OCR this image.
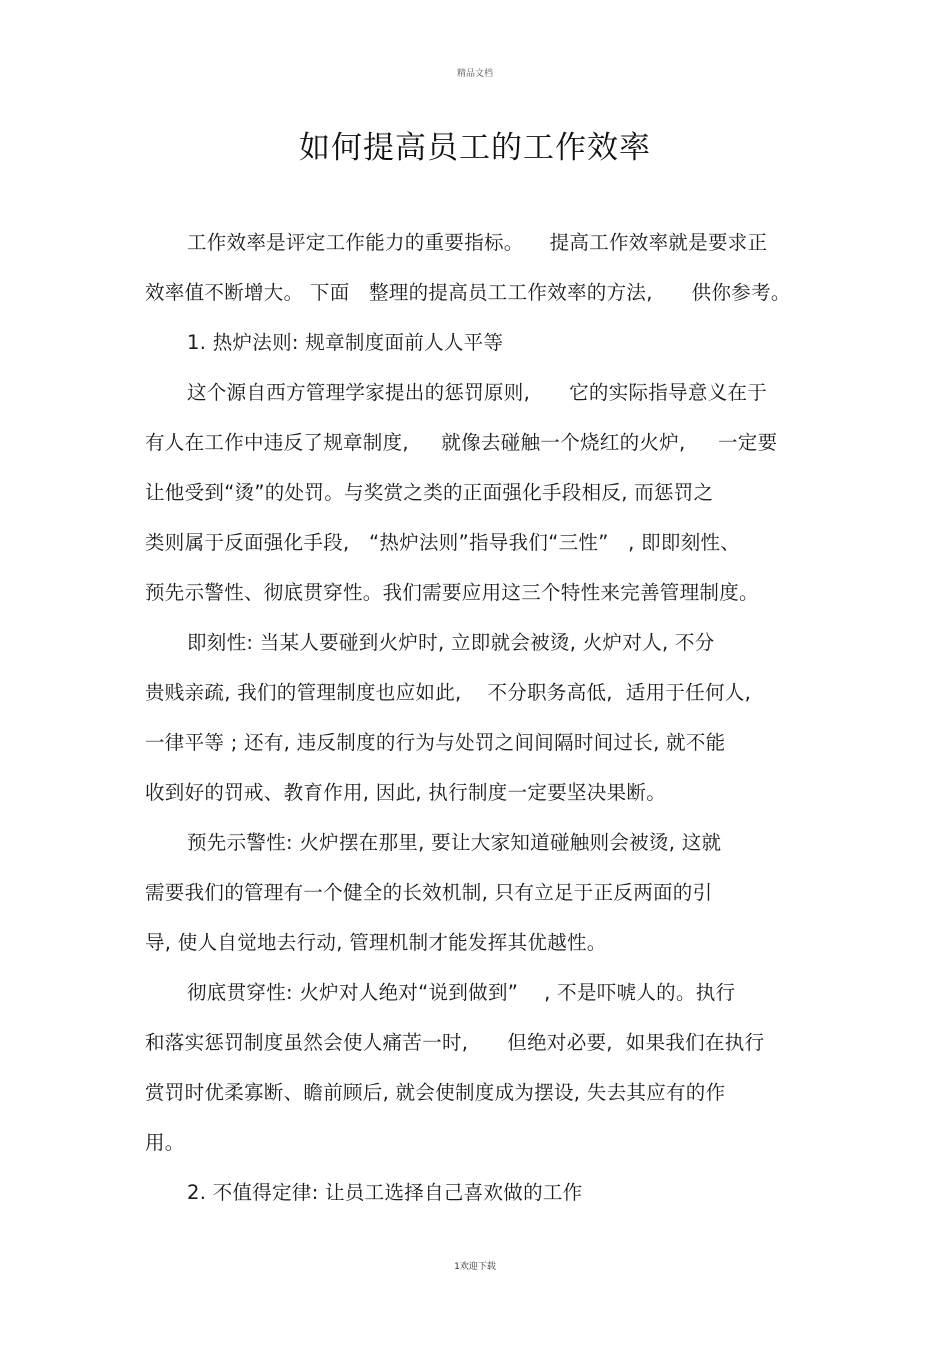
精品文档
如何提高员工的工作效率
工作效率是评定工作能力的重要指标。    提高工作效率就是要求正
效率值不断增大。 下面   整理的提高员工工作效率的方法,      供你参考。
1. 热炉法则: 规章制度面前人人平等
这个源自西方管理学家提出的惩罚原则,      它的实际指导意义在于
有人在工作中违反了规章制度,     就像去碰触一个烧红的火炉,     一定要
让他受到“烫”的处罚。与奖赏之类的正面强化手段相反, 而惩罚之
类则属于反面强化手段,   “热炉法则”指导我们“三性”   , 即即刻性、
预先示警性、彻底贯穿性。我们需要应用这三个特性来完善管理制度。
即刻性: 当某人要碰到火炉时, 立即就会被烫, 火炉对人, 不分
贵贱亲疏, 我们的管理制度也应如此,    不分职务高低,  适用于任何人,
一律平等 ; 还有, 违反制度的行为与处罚之间间隔时间过长, 就不能
收到好的罚戒、教育作用, 因此, 执行制度一定要坚决果断。
预先示警性: 火炉摆在那里, 要让大家知道碰触则会被烫, 这就
需要我们的管理有一个健全的长效机制, 只有立足于正反两面的引
导, 使人自觉地去行动, 管理机制才能发挥其优越性。
彻底贯穿性: 火炉对人绝对“说到做到”    , 不是吓唬人的。执行
和落实惩罚制度虽然会使人痛苦一时,      但绝对必要,  如果我们在执行
赏罚时优柔寡断、瞻前顾后, 就会使制度成为摆设, 失去其应有的作
用。
2. 不值得定律: 让员工选择自己喜欢做的工作
1欢迎下载
